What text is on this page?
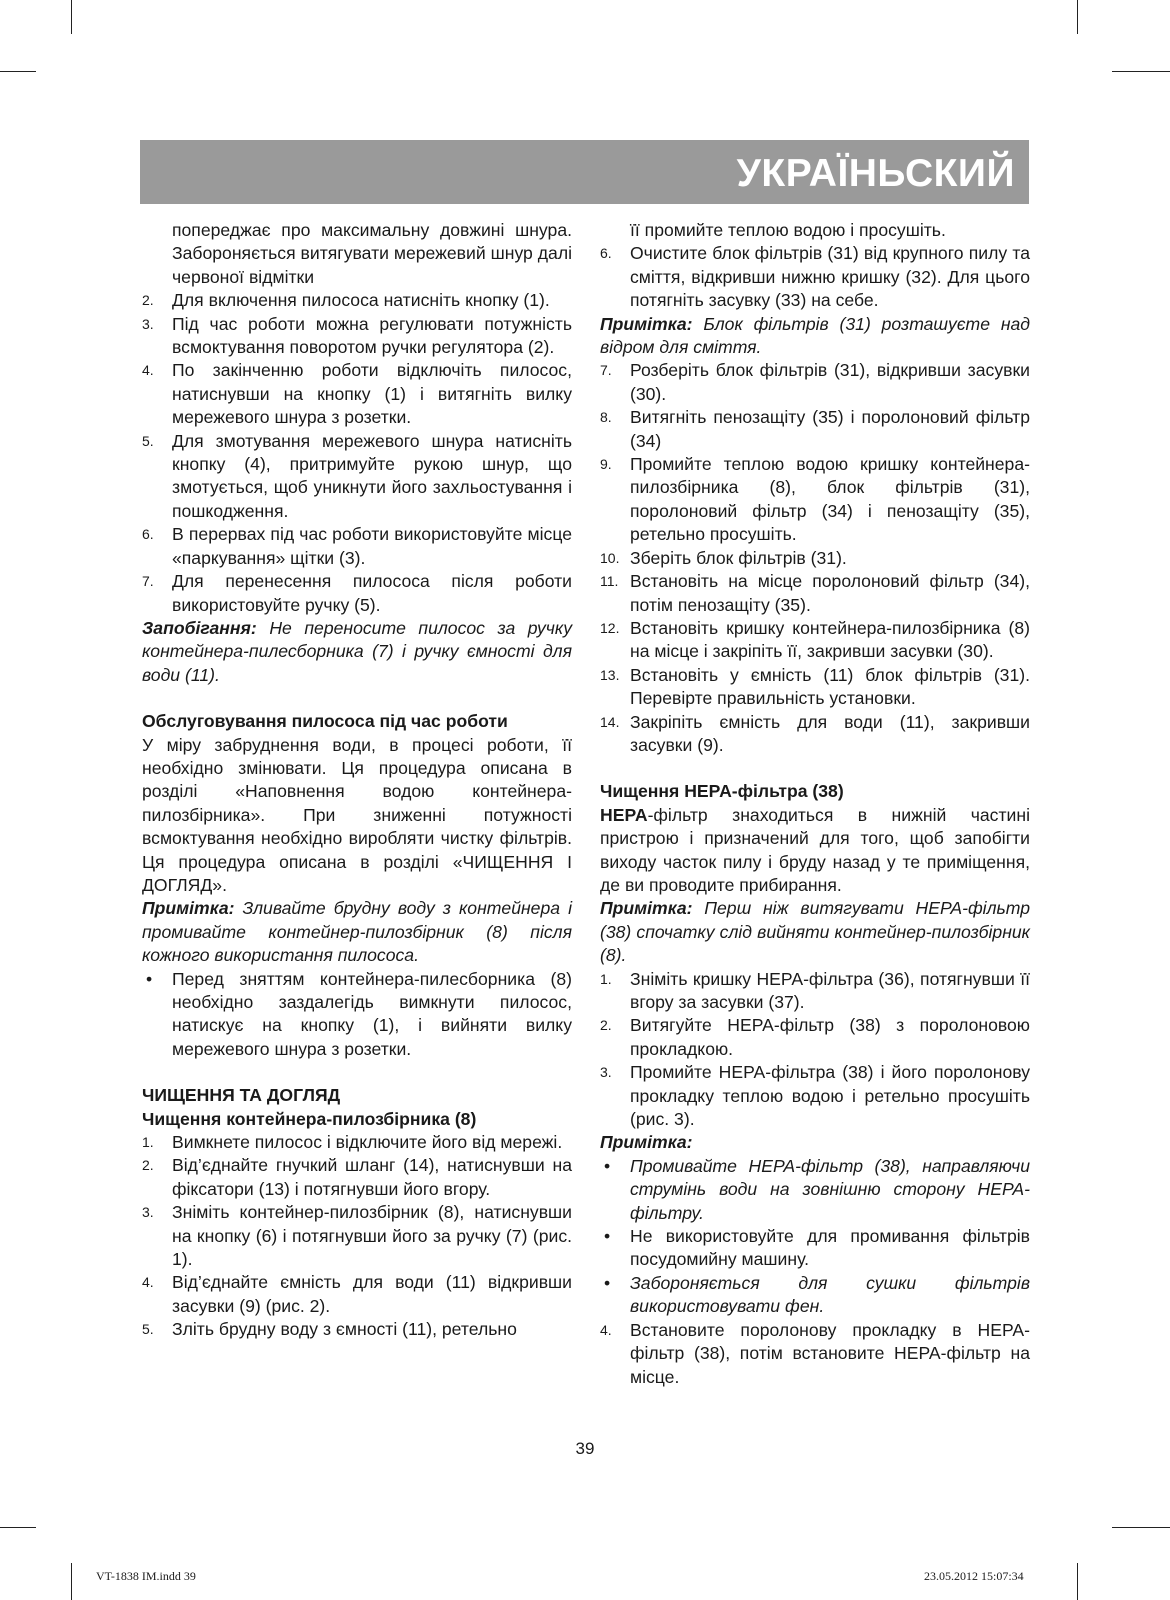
УКРАЇНЬСКИЙ

попереджає про максимальну довжині шнура. Забороняється витягувати мережевий шнур далі червоної відмітки

2. Для включення пилососа натисніть кнопку (1).
3. Під час роботи можна регулювати потужність всмоктування поворотом ручки регулятора (2).
4. По закінченню роботи відключіть пилосос, натиснувши на кнопку (1) і витягніть вилку мережевого шнура з розетки.
5. Для змотування мережевого шнура натисніть кнопку (4), притримуйте рукою шнур, що змотується, щоб уникнути його захльостування і пошкодження.
6. В перервах під час роботи використовуйте місце «паркування» щітки (3).
7. Для перенесення пилососа після роботи використовуйте ручку (5).

Запобігання: Не переносите пилосос за ручку контейнера-пилесборника (7) і ручку ємності для води (11).

Обслуговування пилососа під час роботи

У міру забруднення води, в процесі роботи, її необхідно змінювати. Ця процедура описана в розділі «Наповнення водою контейнера-пилозбірника». При зниженні потужності всмоктування необхідно виробляти чистку фільтрів. Ця процедура описана в розділі «ЧИЩЕННЯ І ДОГЛЯД».

Примітка: Зливайте брудну воду з контейнера і промивайте контейнер-пилозбірник (8) після кожного використання пилососа.

• Перед зняттям контейнера-пилесборника (8) необхідно заздалегідь вимкнути пилосос, натискує на кнопку (1), і вийняти вилку мережевого шнура з розетки.

ЧИЩЕННЯ ТА ДОГЛЯД

Чищення контейнера-пилозбірника (8)

1. Вимкнете пилосос і відключите його від мережі.
2. Від’єднайте гнучкий шланг (14), натиснувши на фіксатори (13) і потягнувши його вгору.
3. Зніміть контейнер-пилозбірник (8), натиснувши на кнопку (6) і потягнувши його за ручку (7) (рис. 1).
4. Від’єднайте ємність для води (11) відкривши засувки (9) (рис. 2).
5. Злiть брудну воду з ємності (11), ретельно

її промийте теплою водою і просушіть.

6. Очистите блок фільтрів (31) від крупного пилу та сміття, відкривши нижню кришку (32). Для цього потягніть засувку (33) на себе.

Примітка: Блок фільтрів (31) розташуєте над відром для сміття.

7. Розберіть блок фільтрів (31), відкривши засувки (30).
8. Витягніть пенозащіту (35) і поролоновий фільтр (34)
9. Промийте теплою водою кришку контейнера-пилозбірника (8), блок фільтрів (31), поролоновий фільтр (34) і пенозащіту (35), ретельно просушіть.
10. Зберіть блок фільтрів (31).
11. Встановіть на місце поролоновий фільтр (34), потім пенозащіту (35).
12. Встановіть кришку контейнера-пилозбірника (8) на місце і закріпіть її, закривши засувки (30).
13. Встановіть у ємність (11) блок фільтрів (31). Перевірте правильність установки.
14. Закріпіть ємність для води (11), закривши засувки (9).

Чищення HEPA-фільтра (38)

HEPA-фільтр знаходиться в нижній частині пристрою і призначений для того, щоб запобігти виходу часток пилу і бруду назад у те приміщення, де ви проводите прибирання.

Примітка: Перш ніж витягувати HEPA-фільтр (38) спочатку слід вийняти контейнер-пилозбірник (8).

1. Зніміть кришку HEPA-фільтра (36), потягнувши її вгору за засувки (37).
2. Витягуйте HEPA-фільтр (38) з поролоновою прокладкою.
3. Промийте HEPA-фільтра (38) і його поролонову прокладку теплою водою і ретельно просушіть (рис. 3).

Примітка:

• Промивайте HEPA-фільтр (38), направляючи струмінь води на зовнішню сторону HEPA-фільтру.
• Не використовуйте для промивання фільтрів посудомийну машину.
• Забороняється для сушки фільтрів використовувати фен.
4. Встановите поролонову прокладку в HEPA-фільтр (38), потім встановите HEPA-фільтр на місце.
39
VT-1838 IM.indd 39	23.05.2012 15:07:34
